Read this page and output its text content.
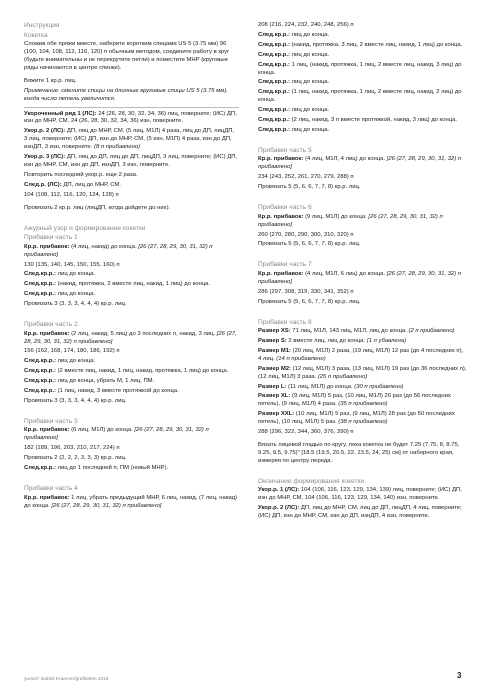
Инструкция
Кокетка
Сложив обе пряжи вместе, наберите коротким спицами US 5 (3.75 мм) 96 (100, 104, 108, 112, 116, 120) п обычным методом, соедините работу в круг (будьте внимательны и не перекрутите петли) и поместите МНР (круговые ряды начинаются в центре спинки).
Вяжите 1 кр.р. лиц.
Примечание: смените спицы на длинные круговые спицы US 5 (3.75 мм), когда число петель увеличится.
Укороченный ряд 1 (ЛС): 24 (26, 28, 30, 32, 34, 36) лиц, поверните; (ИС) ДП, изн до МНР, СМ, 24 (26, 28, 30, 32, 34, 36) изн, поверните.
Укор.р. 2 (ЛС): ДП, лиц до МНР, СМ, (5 лиц, М1Л) 4 раза, лиц до ДП, лицДП, 3 лиц, поверните; (ИС) ДП, изн до МНР, СМ, (5 изн, М1П) 4 раза, изн до ДП, изнДП, 3 изн, поверните. (8 п прибавлено)
Укор.р. 3 (ЛС): ДП, лиц до ДП, лиц до ДП, лицДП, 3 лиц, поверните; (ИС) ДП, изн до МНР, СМ, изн до ДП, изнДП, 3 изн, поверните.
Повторить последний укор.р. еще 2 раза.
След.р. (ЛС): ДП, лиц до МНР, СМ.
104 (108, 112, 116, 120, 124, 128) п
Провязать 2 кр.р. лиц (лицДП, когда дойдете до них).
Ажурный узор и формирование кокетки
Прибавки часть 1
Кр.р. прибавок: (4 лиц, накид) до конца. [26 (27, 28, 29, 30, 31, 32) п прибавлено]
130 (135, 140, 145, 150, 155, 160) п
След.кр.р.: лиц до конца.
След.кр.р.: (накид, протяжка, 2 вместе лиц, накид, 1 лиц) до конца.
След.кр.р.: лиц до конца.
Провязать 3 (3, 3, 3, 4, 4, 4) кр.р. лиц.
Прибавки часть 2
Кр.р. прибавок: (2 лиц, накид, 5 лиц) до 3 последних п, накид, 3 лиц. [26 (27, 28, 29, 30, 31, 32) п прибавлено]
156 (162, 168, 174, 180, 186, 192) п
След.кр.р.: лиц до конца.
След.кр.р.: (2 вместе лиц, накид, 1 лиц, накид, протяжка, 1 лиц) до конца.
След.кр.р.: лиц до конца, убрать М, 1 лиц, ПМ.
След.кр.р.: (1 лиц, накид, 3 вместе протяжкой до конца.
Провязать 3 (3, 3, 3, 4, 4, 4) кр.р. лиц.
Прибавки часть 3
Кр.р. прибавок: (6 лиц, М1Л) до конца. [26 (27, 28, 29, 30, 31, 32) п прибавлено]
182 (189, 196, 203, 210, 217, 224) п
Провязать 2 (2, 2, 2, 3, 3, 3) кр.р. лиц.
След.кр.р.: лиц до 1 последней п, ПМ (новый МНР).
Прибавки часть 4
Кр.р. прибавок: 1 лиц, убрать предыдущий МНР, 6 лиц, накид, (7 лиц, накид) до конца. [26 (27, 28, 29, 30, 31, 32) п прибавлено]
208 (216, 224, 232, 240, 248, 256) п
След.кр.р.: лиц до конца.
След.кр.р.: (накид, протяжка, 3 лиц, 2 вместе лиц, накид, 1 лиц) до конца.
След.кр.р.: лиц до конца.
След.кр.р.: 1 лиц, (накид, протяжка, 1 лиц, 2 вместе лиц, накид, 3 лиц) до конца.
След.кр.р.: лиц до конца.
След.кр.р.: (1 лиц, накид, протяжка, 1 лиц, 2 вместе лиц, накид, 2 лиц) до конца.
След.кр.р.: лиц до конца.
След.кр.р.: (2 лиц, накид, 3 п вместе протяжкой, накид, 3 лиц) до конца.
След.кр.р.: лиц до конца.
Прибавки часть 5
Кр.р. прибавок: (4 лиц, М1Л, 4 лиц) до конца. [26 (27, 28, 29, 30, 31, 32) п прибавлено]
234 (243, 252, 261, 270, 279, 288) п
Провязать 5 (5, 6, 6, 7, 7, 8) кр.р. лиц.
Прибавки часть 6
Кр.р. прибавок: (9 лиц, М1Л) до конца. [26 (27, 28, 29, 30, 31, 32) п прибавлено]
260 (270, 280, 290, 300, 310, 320) п
Провязать 5 (5, 6, 6, 7, 7, 8) кр.р. лиц.
Прибавки часть 7
Кр.р. прибавок: (4 лиц, М1Л, 6 лиц) до конца. [26 (27, 28, 29, 30, 31, 32) п прибавлено]
286 (297, 308, 319, 330, 341, 352) п
Провязать 5 (5, 6, 6, 7, 7, 8) кр.р. лиц.
Прибавки часть 8
Размер XS: 71 лиц, М1Л, 143 лиц, М1Л, лиц до конца. (2 п прибавлено)
Размер S: 2 вместе лиц, лиц до конца. (1 п убавлена)
Размер M1: (20 лиц, М1Л) 2 раза, (19 лиц, М1Л) 12 раз (до 4 последних п), 4 лиц. (14 п прибавлено)
Размер M2: (12 лиц, М1Л) 3 раза, (13 лиц, М1Л) 19 раз (до 36 последних п), (12 лиц, М1Л) 3 раза. (25 п прибавлено)
Размер L: (11 лиц, М1Л) до конца. (30 п прибавлено)
Размер XL: (9 лиц, М1Л) 5 раз, (10 лиц, М1Л) 26 раз (до 56 последних петель), (9 лиц, М1Л) 4 раза. (35 п прибавлено)
Размер XXL: (10 лиц, М1Л) 5 раз, (9 лиц, М1Л) 28 раз (до 50 последних петель), (10 лиц, М1Л) 5 раз. (38 п прибавлено)
288 (296, 322, 344, 360, 376, 390) п
Вязать лицевой гладью по кругу, пока кокетка не будет 7.25 (7.75, 8, 8.75, 9.25, 9.5, 9.75)" [18.5 (19.5, 20.5, 22, 23.5, 24, 25) см] от наборного края, измеряя по центру переда.
Окончание формирования кокетки
Укор.р. 1 (ЛС): 104 (106, 116, 123, 129, 134, 139) лиц, поверните; (ИС) ДП, изн до МНР, СМ, 104 (106, 116, 123, 129, 134, 140) изн, поверните.
Укор.р. 2 (ЛС): ДП, лиц до МНР, СМ, лиц до ДП, лицДП, 4 лиц, поверните; (ИС) ДП, изн до МНР, СМ, изн до ДП, изнДП, 4 изн, поверните.
yume© Isabell Kraemer/grafkeken 2018	3
